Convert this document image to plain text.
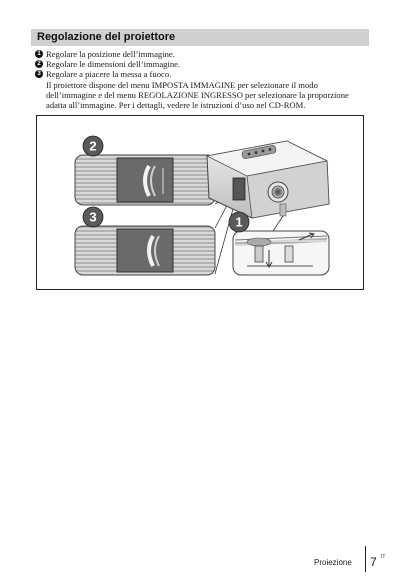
Regolazione del proiettore
1 Regolare la posizione dell’immagine.
2 Regolare le dimensioni dell’immagine.
3 Regolare a piacere la messa a fuoco.
Il proiettore dispone del menu IMPOSTA IMMAGINE per selezionare il modo dell’immagine e del menu REGOLAZIONE INGRESSO per selezionare la proporzione adatta all’immagine. Per i dettagli, vedere le istruzioni d’uso nel CD-ROM.
2
3	1
Proiezione 7 IT
